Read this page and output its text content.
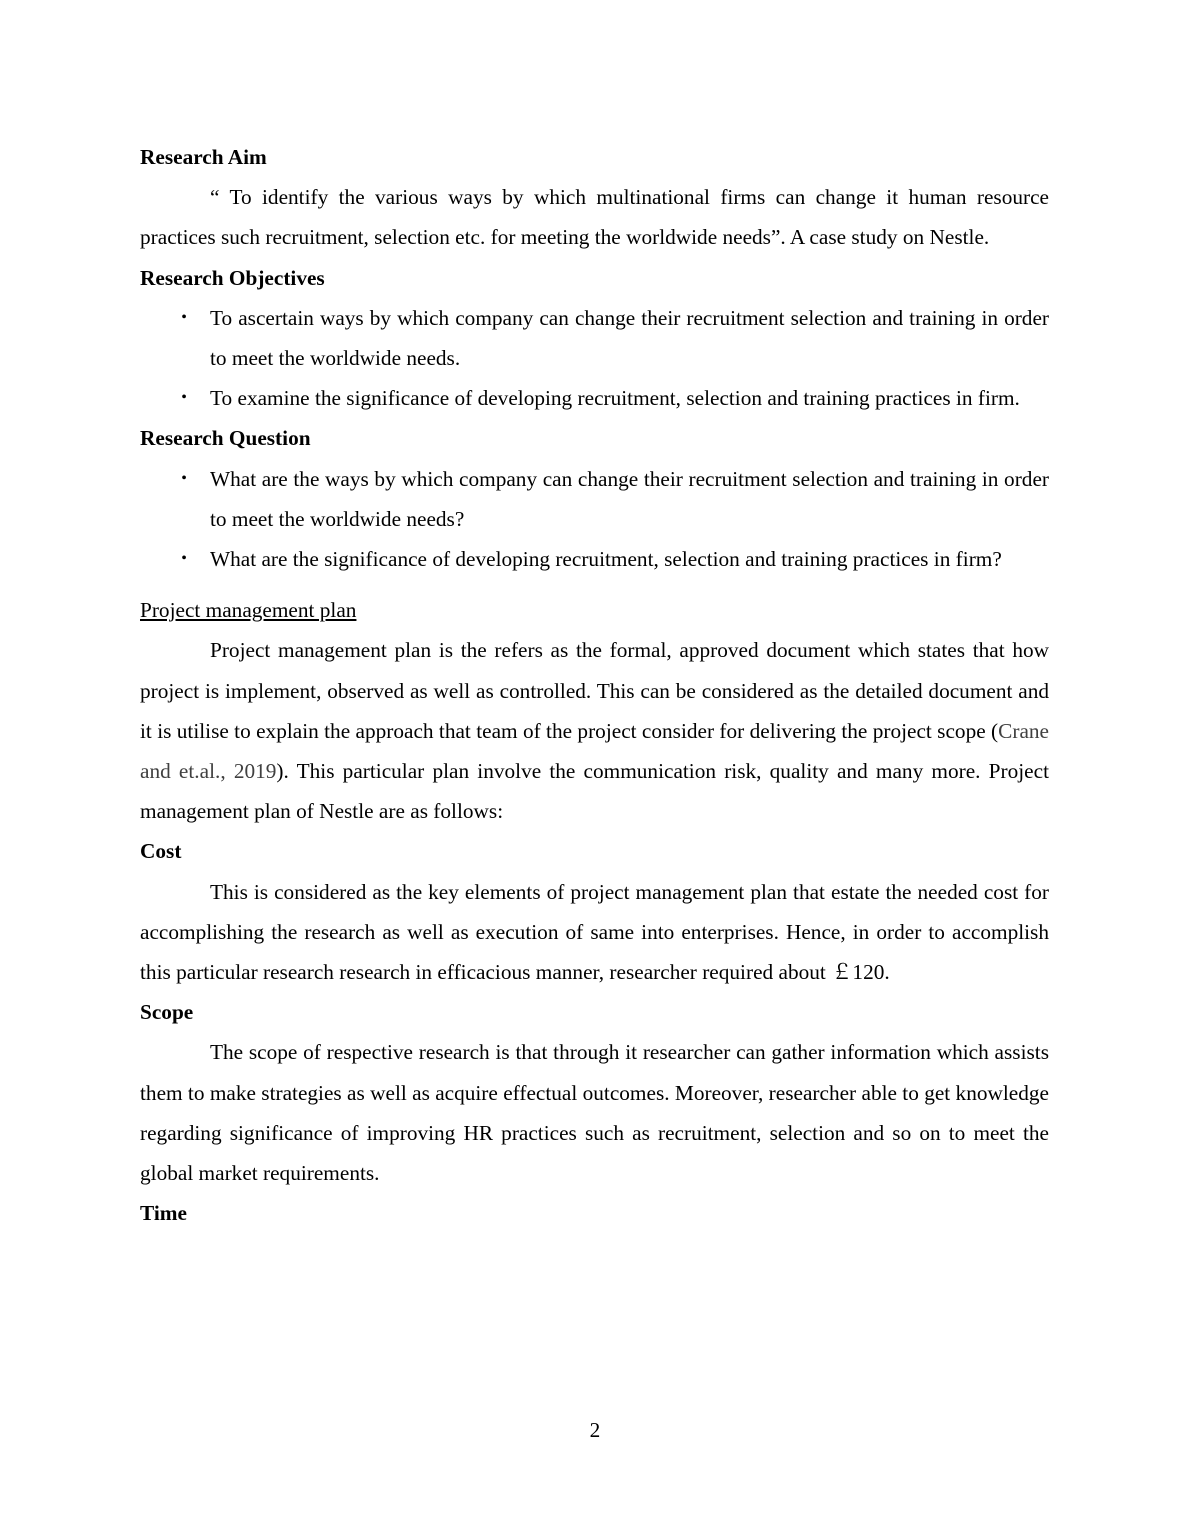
Research Aim

“ To identify the various ways by which multinational firms can change it human resource practices such recruitment, selection etc. for meeting the worldwide needs”. A case study on Nestle.

Research Objectives

•	To ascertain ways by which company can change their recruitment selection and training in order to meet the worldwide needs.
•	To examine the significance of developing recruitment, selection and training practices in firm.

Research Question

•	What are the ways by which company can change their recruitment selection and training in order to meet the worldwide needs?
•	What are the significance of developing recruitment, selection and training practices in firm?

Project management plan

Project management plan is the refers as the formal, approved document which states that how project is implement, observed as well as controlled. This can be considered as the detailed document and it is utilise to explain the approach that team of the project consider for delivering the project scope (Crane and et.al., 2019). This particular plan involve the communication risk, quality and many more. Project management plan of Nestle are as follows:

Cost

This is considered as the key elements of project management plan that estate the needed cost for accomplishing the research as well as execution of same into enterprises. Hence, in order to accomplish this particular research research in efficacious manner, researcher required about ￡120.

Scope

The scope of respective research is that through it researcher can gather information which assists them to make strategies as well as acquire effectual outcomes. Moreover, researcher able to get knowledge regarding significance of improving HR practices such as recruitment, selection and so on to meet the global market requirements.

Time

2
